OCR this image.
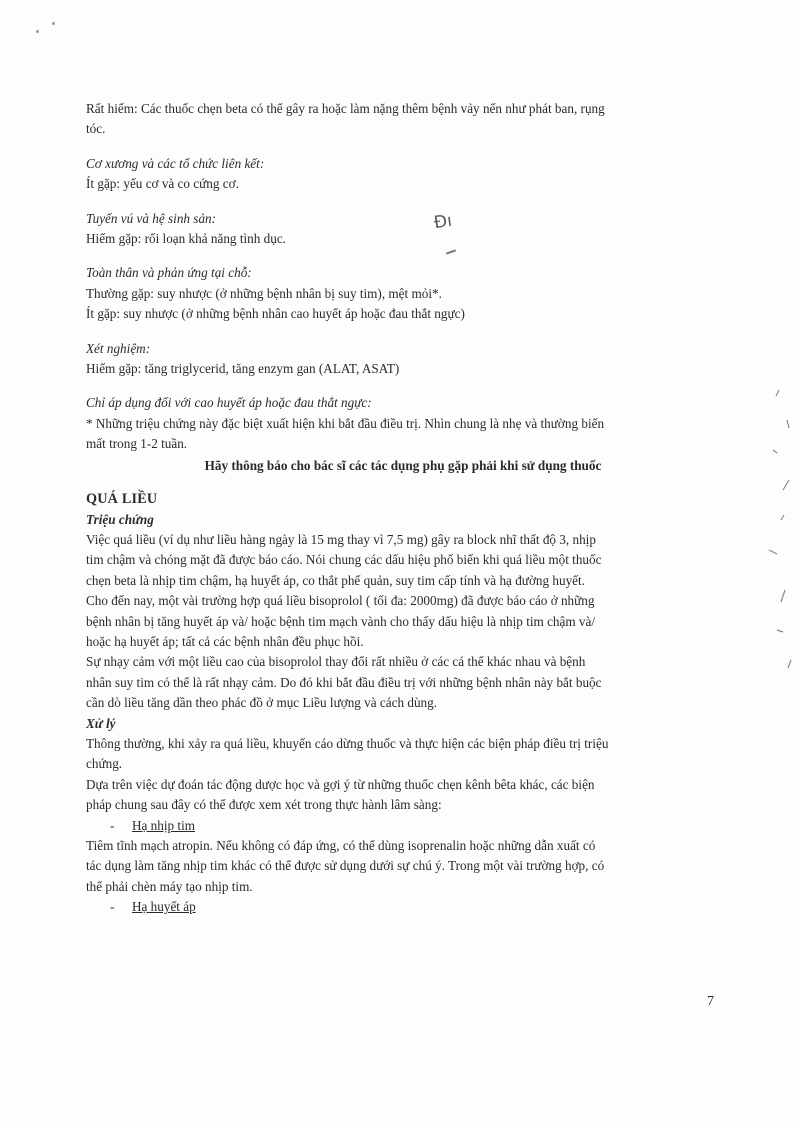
Ɖı

Rất hiếm: Các thuốc chẹn beta có thể gây ra hoặc làm nặng thêm bệnh vảy nến như phát ban, rụng

tóc.

Cơ xương và các tổ chức liên kết:

Ít gặp: yếu cơ và co cứng cơ.

Tuyến vú và hệ sinh sản:

Hiếm gặp: rối loạn khả năng tình dục.

Toàn thân và phản ứng tại chỗ:

Thường gặp: suy nhược (ở những bệnh nhân bị suy tim), mệt mỏi*.

Ít gặp: suy nhược (ở những bệnh nhân cao huyết áp hoặc đau thắt ngực)

Xét nghiệm:

Hiếm gặp: tăng triglycerid, tăng enzym gan (ALAT, ASAT)

Chỉ áp dụng đối với cao huyết áp hoặc đau thắt ngực:

* Những triệu chứng này đặc biệt xuất hiện khi bắt đầu điều trị. Nhìn chung là nhẹ và thường biến

mất trong 1-2 tuần.

Hãy thông báo cho bác sĩ các tác dụng phụ gặp phải khi sử dụng thuốc

QUÁ LIỀU

Triệu chứng

Việc quá liều (ví dụ như liều hàng ngày là 15 mg thay vì 7,5 mg) gây ra block nhĩ thất độ 3, nhịp

tim chậm và chóng mặt đã được báo cáo. Nói chung các dấu hiệu phổ biến khi quá liều một thuốc

chẹn beta là nhịp tim chậm, hạ huyết áp, co thắt phế quản, suy tim cấp tính và hạ đường huyết.

Cho đến nay, một vài trường hợp quá liều bisoprolol ( tối đa: 2000mg) đã được báo cáo ở những

bệnh nhân bị tăng huyết áp và/ hoặc bệnh tim mạch vành cho thấy dấu hiệu là nhịp tim chậm và/

hoặc hạ huyết áp; tất cả các bệnh nhân đều phục hồi.

Sự nhạy cảm với một liều cao của bisoprolol thay đổi rất nhiều ở các cá thể khác nhau và bệnh

nhân suy tim có thể là rất nhạy cảm. Do đó khi bắt đầu điều trị với những bệnh nhân này bắt buộc

cần dò liều tăng dần theo phác đồ ở mục Liều lượng và cách dùng.

Xử lý

Thông thường, khi xảy ra quá liều, khuyến cáo dừng thuốc và thực hiện các biện pháp điều trị triệu

chứng.

Dựa trên việc dự đoán tác động dược học và gợi ý từ những thuốc chẹn kênh bêta khác, các biện

pháp chung sau đây có thể được xem xét trong thực hành lâm sàng:

- Hạ nhịp tim

Tiêm tĩnh mạch atropin. Nếu không có đáp ứng, có thể dùng isoprenalin hoặc những dẫn xuất có

tác dụng làm tăng nhịp tim khác có thể được sử dụng dưới sự chú ý. Trong một vài trường hợp, có

thể phải chèn máy tạo nhịp tim.

- Hạ huyết áp

7
